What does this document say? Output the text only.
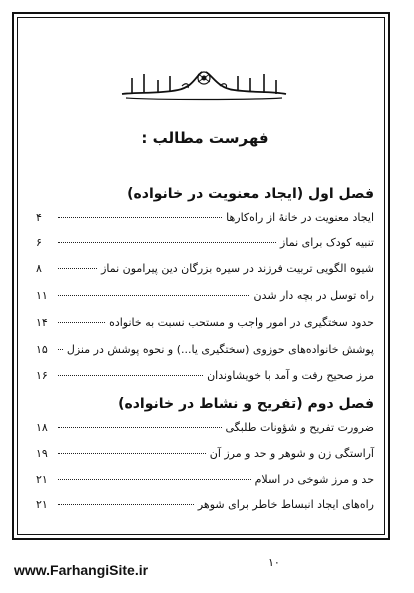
فهرست مطالب :
فصل اول (ایجاد معنویت در خانواده)
ایجاد معنویت در خانهٔ از راه‌کارها
۴
تنبیه کودک برای نماز
۶
شیوه الگویی تربیت فرزند در سیره بزرگان دین پیرامون نماز
۸
راه توسل در بچه دار شدن
۱۱
حدود سختگیری در امور واجب و مستحب نسبت به خانواده
۱۴
پوشش خانواده‌های حوزوی (سختگیری یا...) و نحوه پوشش در منزل
۱۵
مرز صحیح رفت و آمد با خویشاوندان
۱۶
فصل دوم (تفریح و نشاط در خانواده)
ضرورت تفریح و شؤونات طلبگی
۱۸
آراستگی زن و شوهر و حد و مرز آن
۱۹
حد و مرز شوخی در اسلام
۲۱
راه‌های ایجاد انبساط خاطر برای شوهر
۲۱
۱۰
www.FarhangiSite.ir
